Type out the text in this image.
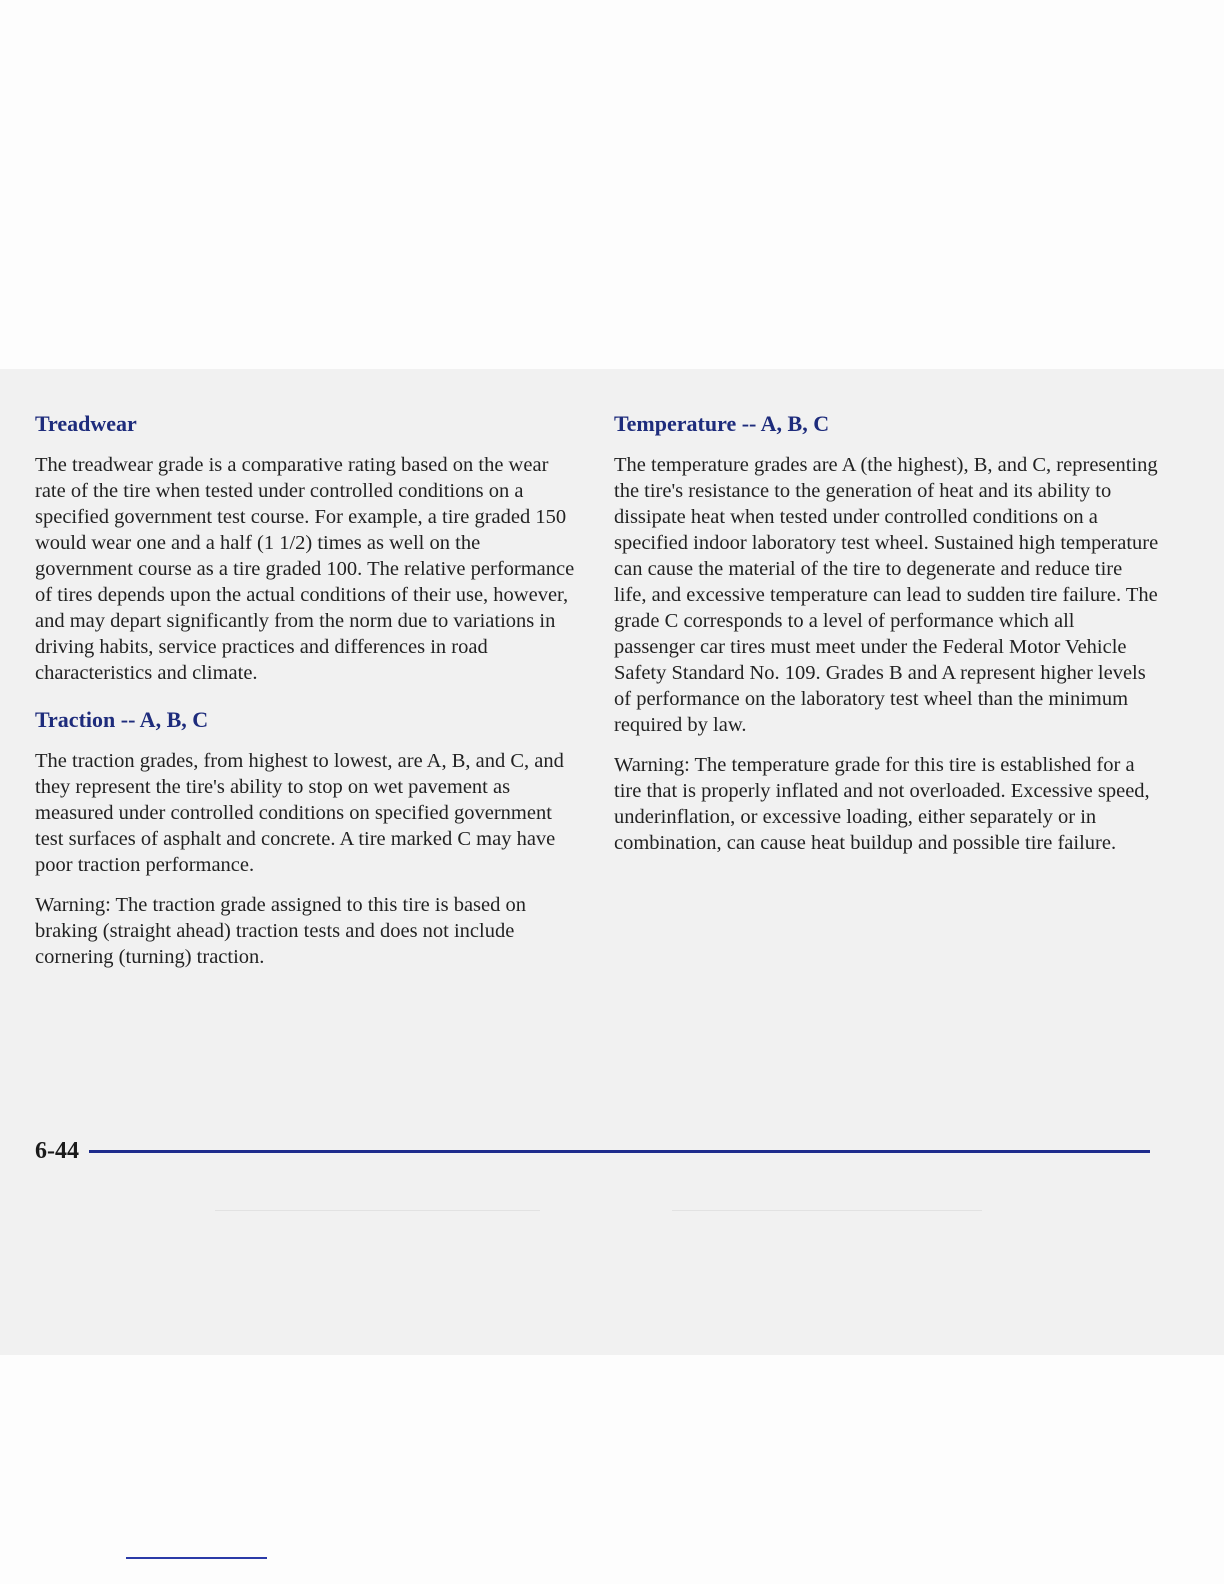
Treadwear

The treadwear grade is a comparative rating based on the wear rate of the tire when tested under controlled conditions on a specified government test course. For example, a tire graded 150 would wear one and a half (1 1/2) times as well on the government course as a tire graded 100. The relative performance of tires depends upon the actual conditions of their use, however, and may depart significantly from the norm due to variations in driving habits, service practices and differences in road characteristics and climate.

Traction -- A, B, C

The traction grades, from highest to lowest, are A, B, and C, and they represent the tire's ability to stop on wet pavement as measured under controlled conditions on specified government test surfaces of asphalt and concrete. A tire marked C may have poor traction performance.

Warning: The traction grade assigned to this tire is based on braking (straight ahead) traction tests and does not include cornering (turning) traction.

Temperature -- A, B, C

The temperature grades are A (the highest), B, and C, representing the tire's resistance to the generation of heat and its ability to dissipate heat when tested under controlled conditions on a specified indoor laboratory test wheel. Sustained high temperature can cause the material of the tire to degenerate and reduce tire life, and excessive temperature can lead to sudden tire failure. The grade C corresponds to a level of performance which all passenger car tires must meet under the Federal Motor Vehicle Safety Standard No. 109. Grades B and A represent higher levels of performance on the laboratory test wheel than the minimum required by law.

Warning: The temperature grade for this tire is established for a tire that is properly inflated and not overloaded. Excessive speed, underinflation, or excessive loading, either separately or in combination, can cause heat buildup and possible tire failure.

6-44
